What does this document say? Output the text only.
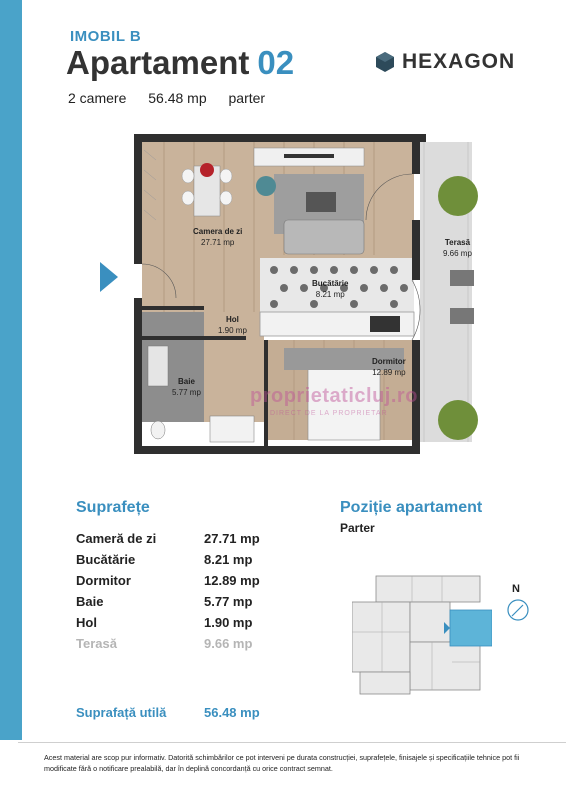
IMOBIL B
Apartament 02
2 camere 56.48 mp parter
HEXAGON
Camera de zi
27.71 mp
Bucătărie
8.21 mp
Hol
1.90 mp
Baie
5.77 mp
Dormitor
12.89 mp
Terasă
9.66 mp
proprietaticluj.ro
DIRECT DE LA PROPRIETAR
Suprafețe
Cameră de zi	27.71 mp
Bucătărie	8.21 mp
Dormitor	12.89 mp
Baie	5.77 mp
Hol	1.90 mp
Terasă	9.66 mp
Suprafață utilă	56.48 mp
Poziție apartament
Parter
N
Acest material are scop pur informativ. Datorită schimbărilor ce pot interveni pe durata construcției, suprafețele, finisajele și specificațiile tehnice pot fii modificate fără o notificare prealabilă, dar în deplină concordanță cu orice contract semnat.
